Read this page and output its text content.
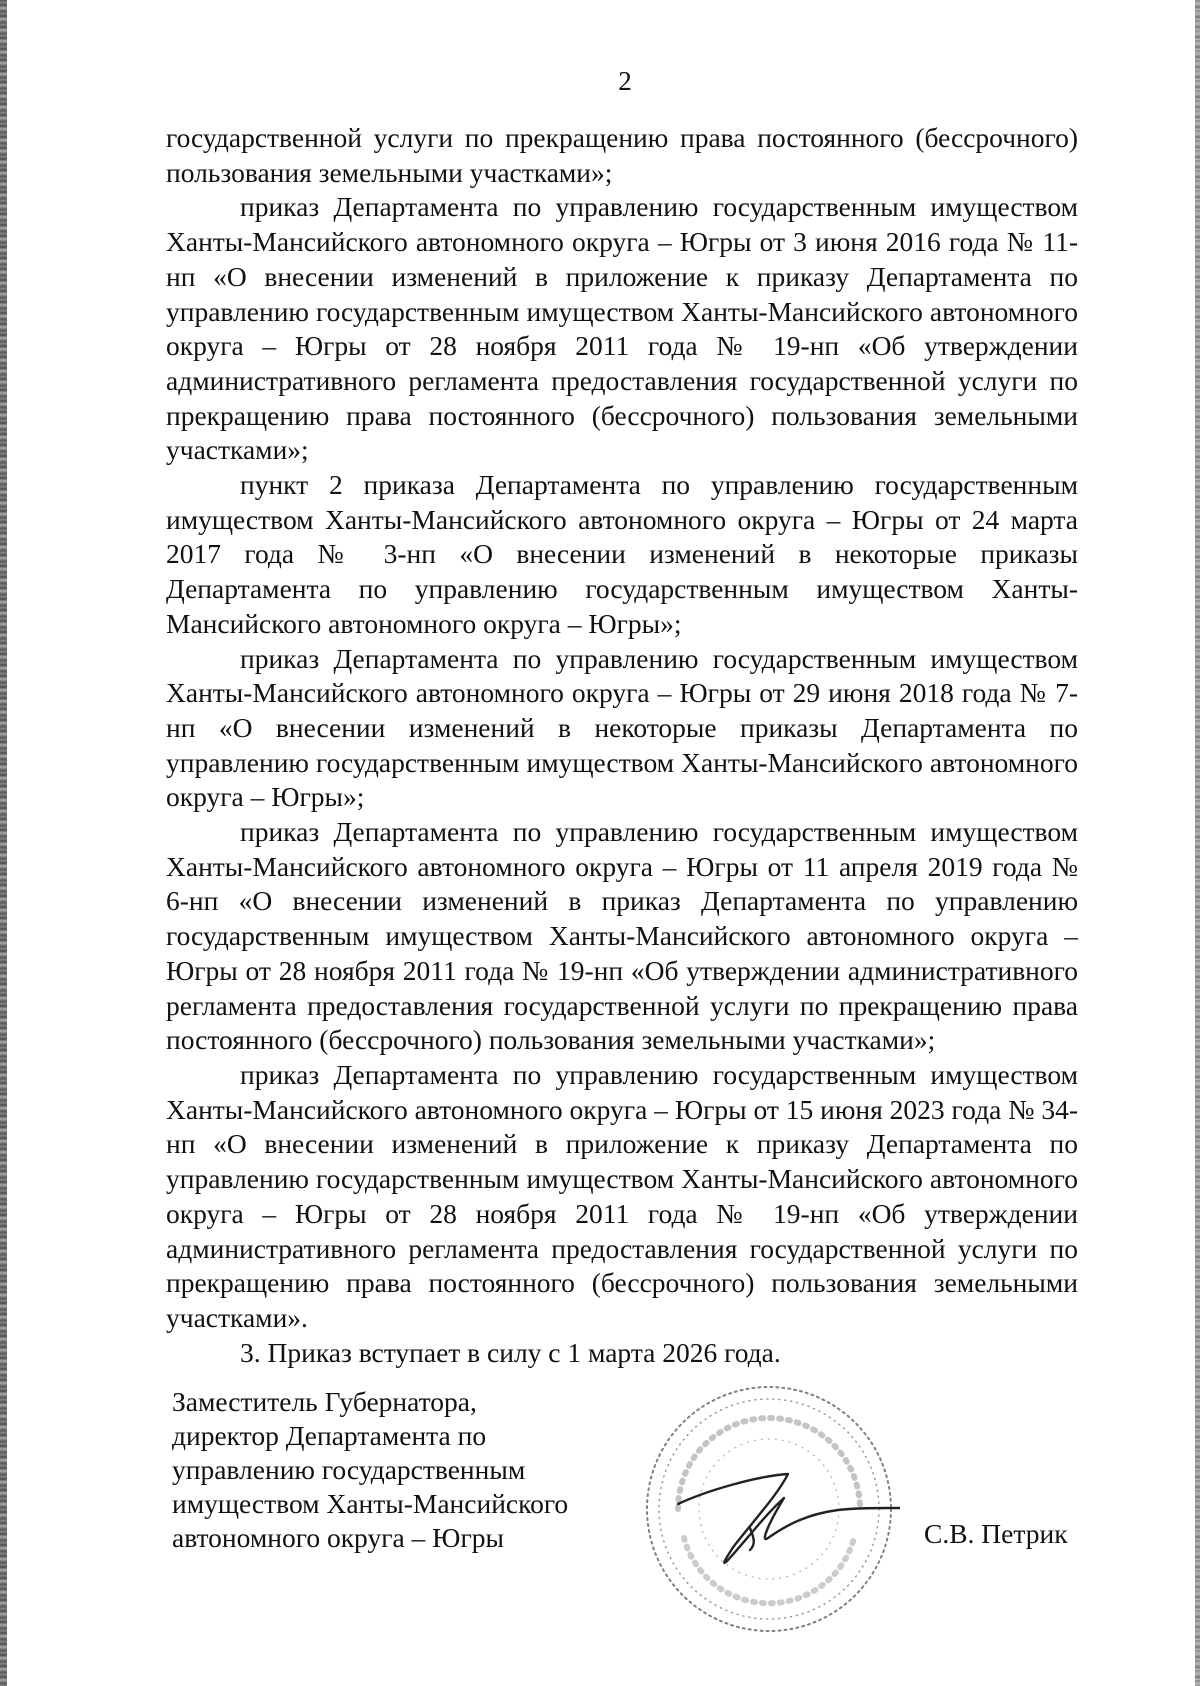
2

государственной услуги по прекращению права постоянного (бессрочного) пользования земельными участками»;

приказ Департамента по управлению государственным имуществом Ханты-Мансийского автономного округа – Югры от 3 июня 2016 года № 11-нп «О внесении изменений в приложение к приказу Департамента по управлению государственным имуществом Ханты-Мансийского автономного округа – Югры от 28 ноября 2011 года № 19-нп «Об утверждении административного регламента предоставления государственной услуги по прекращению права постоянного (бессрочного) пользования земельными участками»;

пункт 2 приказа Департамента по управлению государственным имуществом Ханты-Мансийского автономного округа – Югры от 24 марта 2017 года № 3-нп «О внесении изменений в некоторые приказы Департамента по управлению государственным имуществом Ханты-Мансийского автономного округа – Югры»;

приказ Департамента по управлению государственным имуществом Ханты-Мансийского автономного округа – Югры от 29 июня 2018 года № 7-нп «О внесении изменений в некоторые приказы Департамента по управлению государственным имуществом Ханты-Мансийского автономного округа – Югры»;

приказ Департамента по управлению государственным имуществом Ханты-Мансийского автономного округа – Югры от 11 апреля 2019 года № 6-нп «О внесении изменений в приказ Департамента по управлению государственным имуществом Ханты-Мансийского автономного округа – Югры от 28 ноября 2011 года № 19-нп «Об утверждении административного регламента предоставления государственной услуги по прекращению права постоянного (бессрочного) пользования земельными участками»;

приказ Департамента по управлению государственным имуществом Ханты-Мансийского автономного округа – Югры от 15 июня 2023 года № 34-нп «О внесении изменений в приложение к приказу Департамента по управлению государственным имуществом Ханты-Мансийского автономного округа – Югры от 28 ноября 2011 года № 19-нп «Об утверждении административного регламента предоставления государственной услуги по прекращению права постоянного (бессрочного) пользования земельными участками».

3. Приказ вступает в силу с 1 марта 2026 года.

Заместитель Губернатора,
директор Департамента по
управлению государственным
имуществом Ханты-Мансийского
автономного округа – Югры	С.В. Петрик
